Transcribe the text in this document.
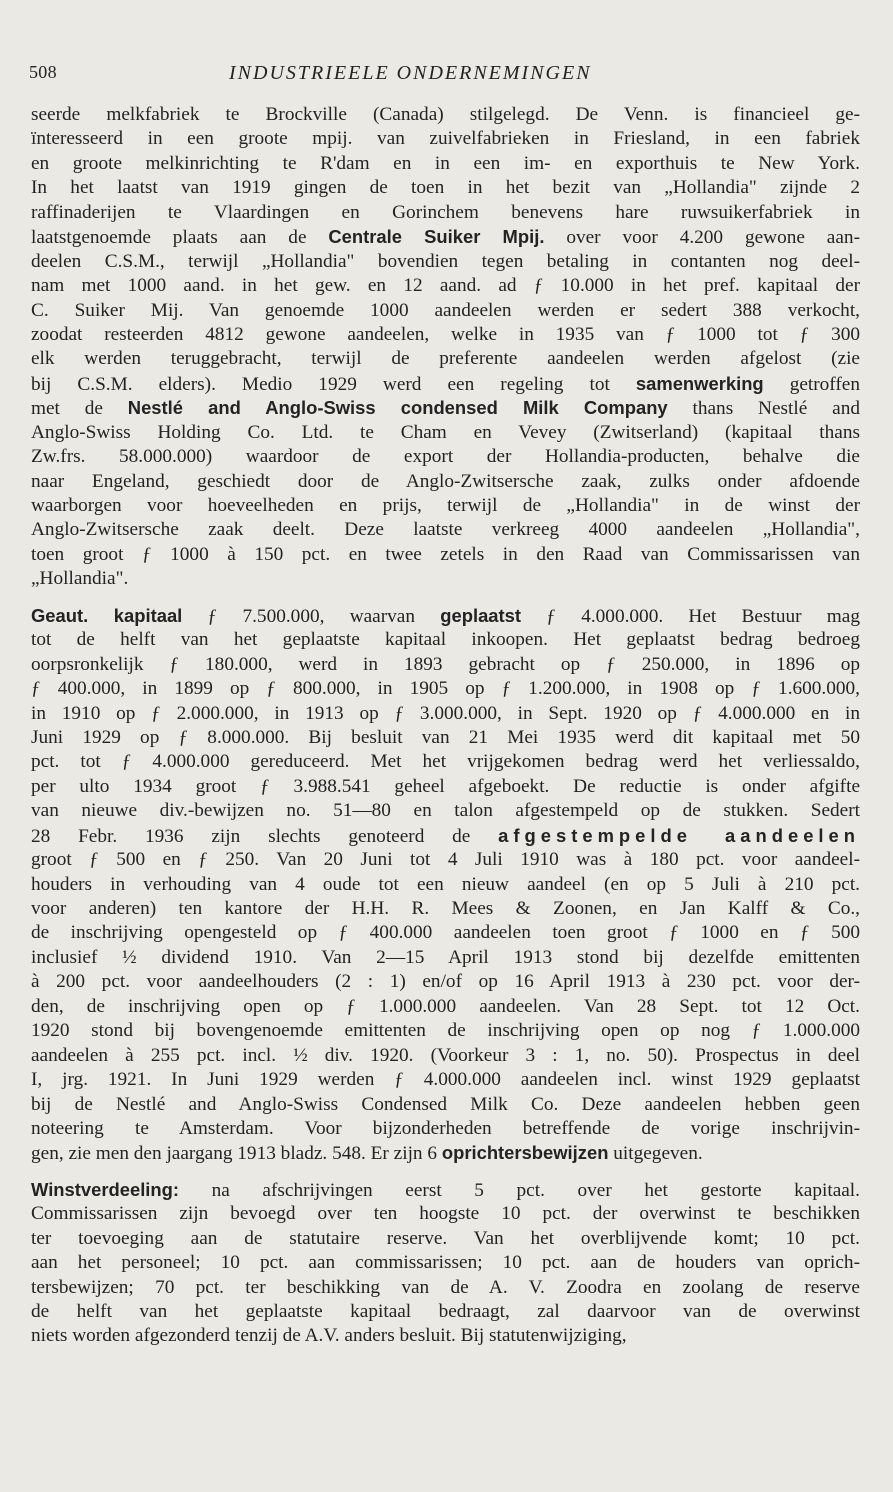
508	INDUSTRIEELE ONDERNEMINGEN
seerde melkfabriek te Brockville (Canada) stilgelegd. De Venn. is financieel ge-
ïnteresseerd in een groote mpij. van zuivelfabrieken in Friesland, in een fabriek
en groote melkinrichting te R'dam en in een im- en exporthuis te New York.
In het laatst van 1919 gingen de toen in het bezit van „Hollandia" zijnde 2
raffinaderijen te Vlaardingen en Gorinchem benevens hare ruwsuikerfabriek in
laatstgenoemde plaats aan de Centrale Suiker Mpij. over voor 4.200 gewone aan-
deelen C.S.M., terwijl „Hollandia" bovendien tegen betaling in contanten nog deel-
nam met 1000 aand. in het gew. en 12 aand. ad ƒ 10.000 in het pref. kapitaal der
C. Suiker Mij. Van genoemde 1000 aandeelen werden er sedert 388 verkocht,
zoodat resteerden 4812 gewone aandeelen, welke in 1935 van ƒ 1000 tot ƒ 300
elk werden teruggebracht, terwijl de preferente aandeelen werden afgelost (zie
bij C.S.M. elders). Medio 1929 werd een regeling tot samenwerking getroffen
met de Nestlé and Anglo-Swiss condensed Milk Company thans Nestlé and
Anglo-Swiss Holding Co. Ltd. te Cham en Vevey (Zwitserland) (kapitaal thans
Zw.frs. 58.000.000) waardoor de export der Hollandia-producten, behalve die
naar Engeland, geschiedt door de Anglo-Zwitsersche zaak, zulks onder afdoende
waarborgen voor hoeveelheden en prijs, terwijl de „Hollandia" in de winst der
Anglo-Zwitsersche zaak deelt. Deze laatste verkreeg 4000 aandeelen „Hollandia",
toen groot ƒ 1000 à 150 pct. en twee zetels in den Raad van Commissarissen van
„Hollandia".
Geaut. kapitaal ƒ 7.500.000, waarvan geplaatst ƒ 4.000.000. Het Bestuur mag
tot de helft van het geplaatste kapitaal inkoopen. Het geplaatst bedrag bedroeg
oorpsronkelijk ƒ 180.000, werd in 1893 gebracht op ƒ 250.000, in 1896 op
ƒ 400.000, in 1899 op ƒ 800.000, in 1905 op ƒ 1.200.000, in 1908 op ƒ 1.600.000,
in 1910 op ƒ 2.000.000, in 1913 op ƒ 3.000.000, in Sept. 1920 op ƒ 4.000.000 en in
Juni 1929 op ƒ 8.000.000. Bij besluit van 21 Mei 1935 werd dit kapitaal met 50
pct. tot ƒ 4.000.000 gereduceerd. Met het vrijgekomen bedrag werd het verliessaldo,
per ulto 1934 groot ƒ 3.988.541 geheel afgeboekt. De reductie is onder afgifte
van nieuwe div.-bewijzen no. 51—80 en talon afgestempeld op de stukken. Sedert
28 Febr. 1936 zijn slechts genoteerd de afgestempelde aandeelen
groot ƒ 500 en ƒ 250. Van 20 Juni tot 4 Juli 1910 was à 180 pct. voor aandeel-
houders in verhouding van 4 oude tot een nieuw aandeel (en op 5 Juli à 210 pct.
voor anderen) ten kantore der H.H. R. Mees & Zoonen, en Jan Kalff & Co.,
de inschrijving opengesteld op ƒ 400.000 aandeelen toen groot ƒ 1000 en ƒ 500
inclusief ½ dividend 1910. Van 2—15 April 1913 stond bij dezelfde emittenten
à 200 pct. voor aandeelhouders (2 : 1) en/of op 16 April 1913 à 230 pct. voor der-
den, de inschrijving open op ƒ 1.000.000 aandeelen. Van 28 Sept. tot 12 Oct.
1920 stond bij bovengenoemde emittenten de inschrijving open op nog ƒ 1.000.000
aandeelen à 255 pct. incl. ½ div. 1920. (Voorkeur 3 : 1, no. 50). Prospectus in deel
I, jrg. 1921. In Juni 1929 werden ƒ 4.000.000 aandeelen incl. winst 1929 geplaatst
bij de Nestlé and Anglo-Swiss Condensed Milk Co. Deze aandeelen hebben geen
noteering te Amsterdam. Voor bijzonderheden betreffende de vorige inschrijvin-
gen, zie men den jaargang 1913 bladz. 548. Er zijn 6 oprichtersbewijzen uitgegeven.
Winstverdeeling: na afschrijvingen eerst 5 pct. over het gestorte kapitaal.
Commissarissen zijn bevoegd over ten hoogste 10 pct. der overwinst te beschikken
ter toevoeging aan de statutaire reserve. Van het overblijvende komt; 10 pct.
aan het personeel; 10 pct. aan commissarissen; 10 pct. aan de houders van oprich-
tersbewijzen; 70 pct. ter beschikking van de A. V. Zoodra en zoolang de reserve
de helft van het geplaatste kapitaal bedraagt, zal daarvoor van de overwinst
niets worden afgezonderd tenzij de A.V. anders besluit. Bij statutenwijziging,
